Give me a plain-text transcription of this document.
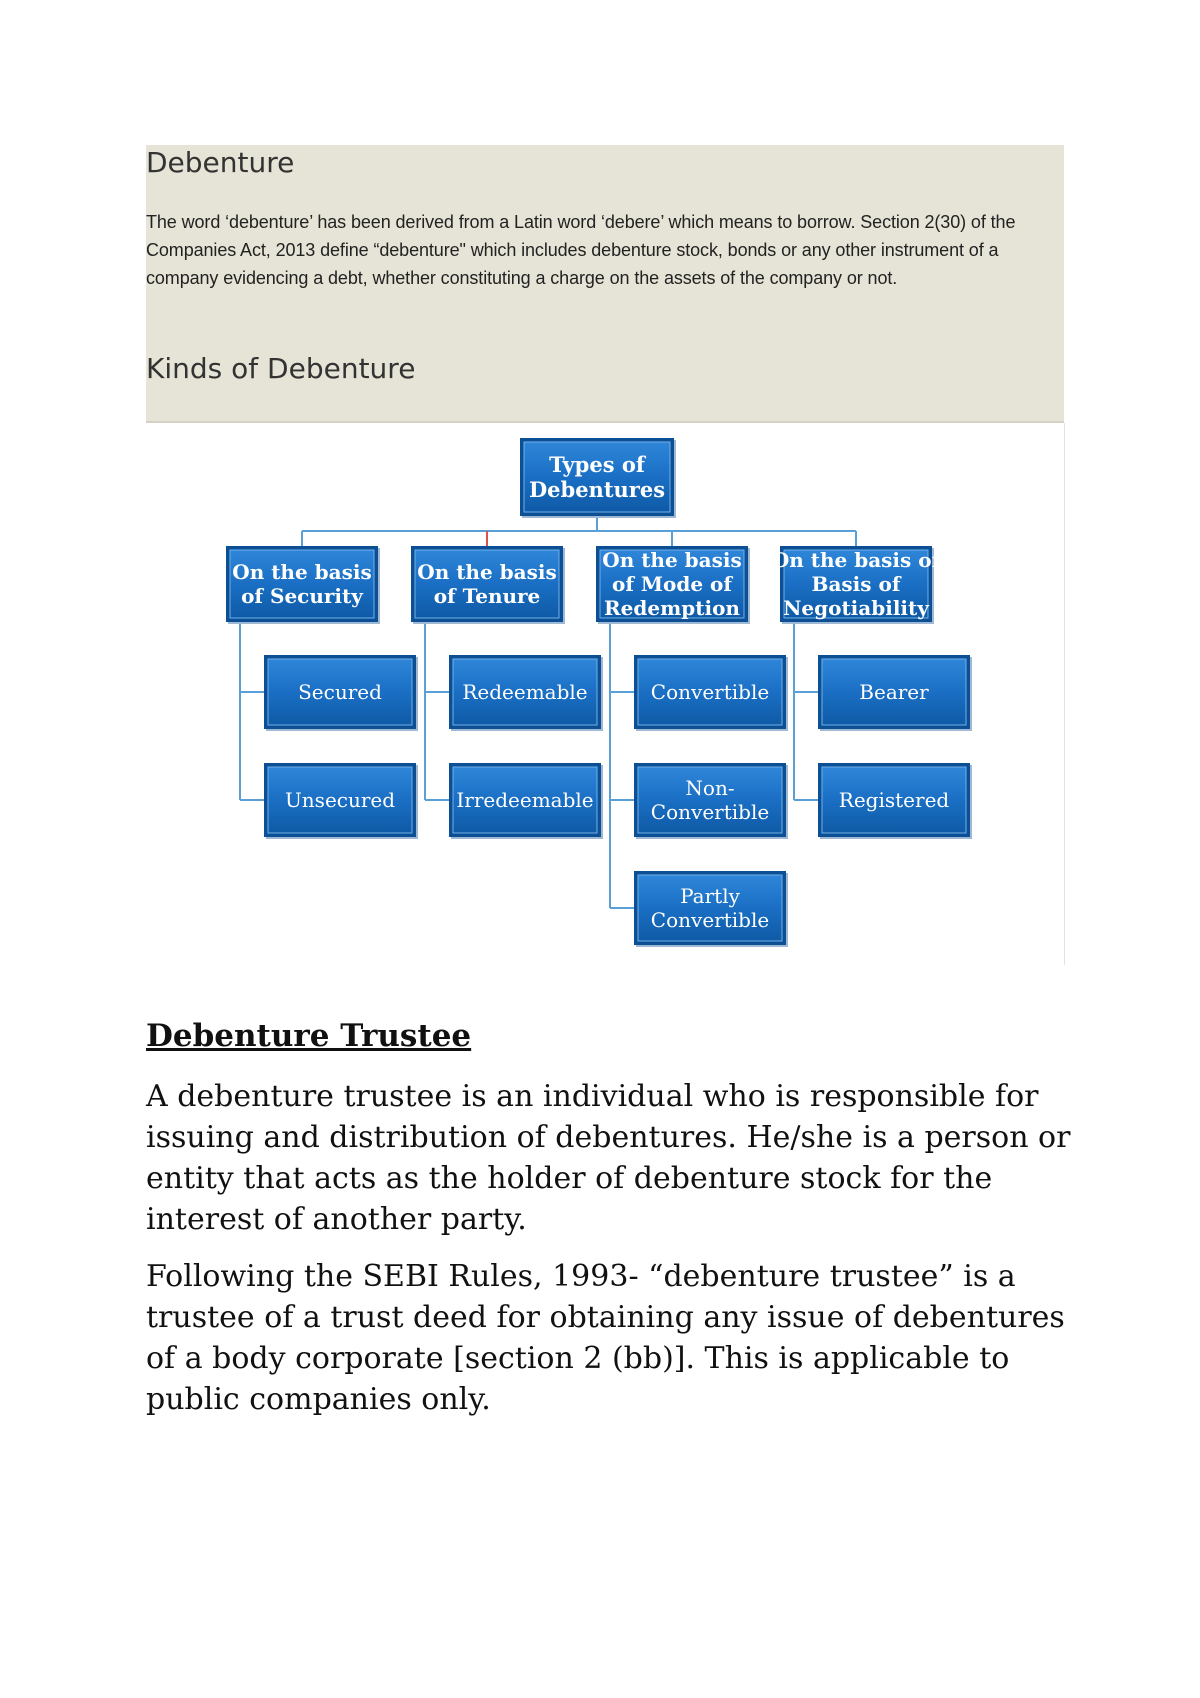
Debenture
The word ‘debenture’ has been derived from a Latin word ‘debere’ which means to borrow. Section 2(30) of the Companies Act, 2013 define “debenture" which includes debenture stock, bonds or any other instrument of a company evidencing a debt, whether constituting a charge on the assets of the company or not.
Kinds of Debenture
Secured
Unsecured
On the basis
of Security
Redeemable
Irredeemable
On the basis
of Tenure
Convertible
Non-
Convertible
Partly
Convertible
On the basis
of Mode of
Redemption
Bearer
Registered
On the basis of
Basis of
Negotiability
Types of
Debentures
Debenture Trustee
A debenture trustee is an individual who is responsible for issuing and distribution of debentures. He/she is a person or entity that acts as the holder of debenture stock for the interest of another party.
Following the SEBI Rules, 1993- “debenture trustee” is a trustee of a trust deed for obtaining any issue of debentures of a body corporate [section 2 (bb)]. This is applicable to public companies only.
